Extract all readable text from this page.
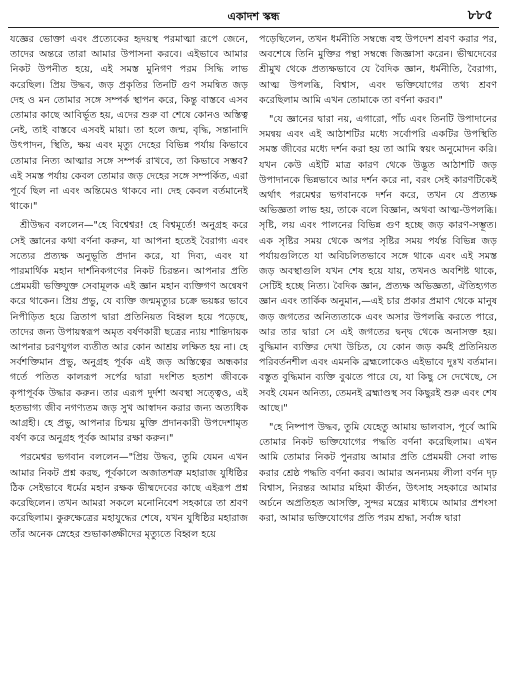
একাদশ স্কন্ধ	৮৮৫

যজ্ঞের ভোক্তা এবং প্রত্যেকের হৃদয়স্থ পরমাত্মা রূপে জেনে, তাদের অন্তরে তারা আমার উপাসনা করবে। এইভাবে আমার নিকট উপনীত হয়ে, এই সমস্ত মুনিগণ পরম সিদ্ধি লাভ করেছিল। প্রিয় উদ্ধব, জড় প্রকৃতির তিনটি গুণ সমন্বিত জড় দেহ ও মন তোমার সঙ্গে সম্পর্ক স্থাপন করে, কিন্তু বাস্তবে এসব তোমার কাছে আবির্ভূত হয়, এদের শুরু বা শেষে কোনও অস্তিত্ব নেই, তাই বাস্তবে এসবই মায়া। তা হলে জন্ম, বৃদ্ধি, সন্তানাদি উৎপাদন, স্থিতি, ক্ষয় এবং মৃত্যু দেহের বিভিন্ন পর্যায় কিভাবে তোমার নিত্য আত্মার সঙ্গে সম্পর্ক রাখবে, তা কিভাবে সম্ভব? এই সমস্ত পর্যায় কেবল তোমার জড় দেহের সঙ্গে সম্পর্কিত, এরা পূর্বে ছিল না এবং অন্তিমেও থাকবে না। দেহ কেবল বর্তমানেই থাকে।"

শ্রীউদ্ধব বললেন—"হে বিশ্বেশ্বর! হে বিশ্বমূর্তে! অনুগ্রহ করে সেই জ্ঞানের কথা বর্ণনা করুন, যা আপনা হতেই বৈরাগ্য এবং সত্যের প্রত্যক্ষ অনুভূতি প্রদান করে, যা দিব্য, এবং যা পারমার্থিক মহান দার্শনিকগণের নিকট চিরন্তন। আপনার প্রতি প্রেমময়ী ভক্তিযুক্ত সেবামূলক এই জ্ঞান মহান ব্যক্তিগণ অন্বেষণ করে থাকেন। প্রিয় প্রভু, যে ব্যক্তি জন্মমৃত্যুর চক্রে ভয়ঙ্কর ভাবে নিপীড়িত হয়ে ত্রিতাপ দ্বারা প্রতিনিয়ত বিহ্বল হয়ে পড়েছে, তাদের জন্য উপায়স্বরূপ অমৃত বর্ষণকারী ছত্রের ন্যায় শান্তিদায়ক আপনার চরণযুগল ব্যতীত আর কোন আশ্রয় লক্ষিত হয় না। হে সর্বশক্তিমান প্রভু, অনুগ্রহ পূর্বক এই জড় অস্তিত্বের অন্ধকার গর্তে পতিত কালরূপ সর্পের দ্বারা দংশিত হতাশ জীবকে কৃপাপূর্বক উদ্ধার করুন। তার এরূপ দুর্দশা অবস্থা সত্ত্বেও, এই হতভাগ্য জীব নগণ্যতম জড় সুখ আস্বাদন করার জন্য অত্যধিক আগ্রহী। হে প্রভু, আপনার চিন্ময় মুক্তি প্রদানকারী উপদেশামৃত বর্ষণ করে অনুগ্রহ পূর্বক আমার রক্ষা করুন।"

পরমেশ্বর ভগবান বললেন—"প্রিয় উদ্ধব, তুমি যেমন এখন আমার নিকট প্রশ্ন করছ, পূর্বকালে অজাতশত্রু মহারাজ যুধিষ্ঠির ঠিক সেইভাবে ধর্মের মহান রক্ষক ভীষ্মদেবের কাছে এইরূপ প্রশ্ন করেছিলেন। তখন আমরা সকলে মনোনিবেশ সহকারে তা শ্রবণ করেছিলাম। কুরুক্ষেত্রের মহাযুদ্ধের শেষে, যখন যুধিষ্ঠির মহারাজ তাঁর অনেক স্নেহের শুভাকাঙ্ক্ষীদের মৃত্যুতে বিহ্বল হয়ে

পড়েছিলেন, তখন ধর্মনীতি সম্বন্ধে বহু উপদেশ শ্রবণ করার পর, অবশেষে তিনি মুক্তির পন্থা সম্বন্ধে জিজ্ঞাসা করেন। ভীষ্মদেবের শ্রীমুখ থেকে প্রত্যক্ষভাবে যে বৈদিক জ্ঞান, ধর্মনীতি, বৈরাগ্য, আত্ম উপলব্ধি, বিশ্বাস, এবং ভক্তিযোগের তথ্য শ্রবণ করেছিলাম আমি এখন তোমাকে তা বর্ণনা করব।"

"যে জ্ঞানের দ্বারা নয়, এগারো, পাঁচ এবং তিনটি উপাদানের সমন্বয় এবং এই আঠাশটির মধ্যে সর্বোপরি একটির উপস্থিতি সমস্ত জীবের মধ্যে দর্শন করা হয় তা আমি স্বয়ং অনুমোদন করি। যখন কেউ এইটি মাত্র কারণ থেকে উদ্ভূত আঠাশটি জড় উপাদানকে ভিন্নভাবে আর দর্শন করে না, বরং সেই কারণটিকেই অর্থাৎ পরমেশ্বর ভগবানকে দর্শন করে, তখন যে প্রত্যক্ষ অভিজ্ঞতা লাভ হয়, তাকে বলে বিজ্ঞান, অথবা আত্ম-উপলব্ধি। সৃষ্টি, লয় এবং পালনের বিভিন্ন গুণ হচ্ছে জড় কারণ-সম্ভূত। এক সৃষ্টির সময় থেকে অপর সৃষ্টির সময় পর্যন্ত বিভিন্ন জড় পর্যায়গুলিতে যা অবিচলিতভাবে সঙ্গে থাকে এবং এই সমস্ত জড় অবস্থাগুলি যখন শেষ হয়ে যায়, তখনও অবশিষ্ট থাকে, সেটিই হচ্ছে নিত্য। বৈদিক জ্ঞান, প্রত্যক্ষ অভিজ্ঞতা, ঐতিহ্যগত জ্ঞান এবং তার্কিক অনুমান,—এই চার প্রকার প্রমাণ থেকে মানুষ জড় জগতের অনিত্যতাকে এবং অসার উপলব্ধি করতে পারে, আর তার দ্বারা সে এই জগতের দ্বন্দ্ব থেকে অনাসক্ত হয়। বুদ্ধিমান ব্যক্তির দেখা উচিত, যে কোন জড় কর্মই প্রতিনিয়ত পরিবর্তনশীল এবং এমনকি ব্রহ্মলোকেও এইভাবে দুঃখ বর্তমান। বস্তুত বুদ্ধিমান ব্যক্তি বুঝতে পারে যে, যা কিছু সে দেখেছে, সে সবই যেমন অনিত্য, তেমনই ব্রহ্মাণ্ডস্থ সব কিছুরই শুরু এবং শেষ আছে।"

"হে নিষ্পাপ উদ্ধব, তুমি যেহেতু আমায় ভালবাস, পূর্বে আমি তোমার নিকট ভক্তিযোগের পদ্ধতি বর্ণনা করেছিলাম। এখন আমি তোমার নিকট পুনরায় আমার প্রতি প্রেমময়ী সেবা লাভ করার শ্রেষ্ঠ পদ্ধতি বর্ণনা করব। আমার অনন্যময় লীলা বর্ণন দৃঢ় বিশ্বাস, নিরন্তর আমার মহিমা কীর্তন, উৎসাহ সহকারে আমার অর্চনে অপ্রতিহত আসক্তি, সুন্দর মন্ত্রের মাধ্যমে আমার প্রশংসা করা, আমার ভক্তিযোগের প্রতি পরম শ্রদ্ধা, সর্বাঙ্গ দ্বারা
